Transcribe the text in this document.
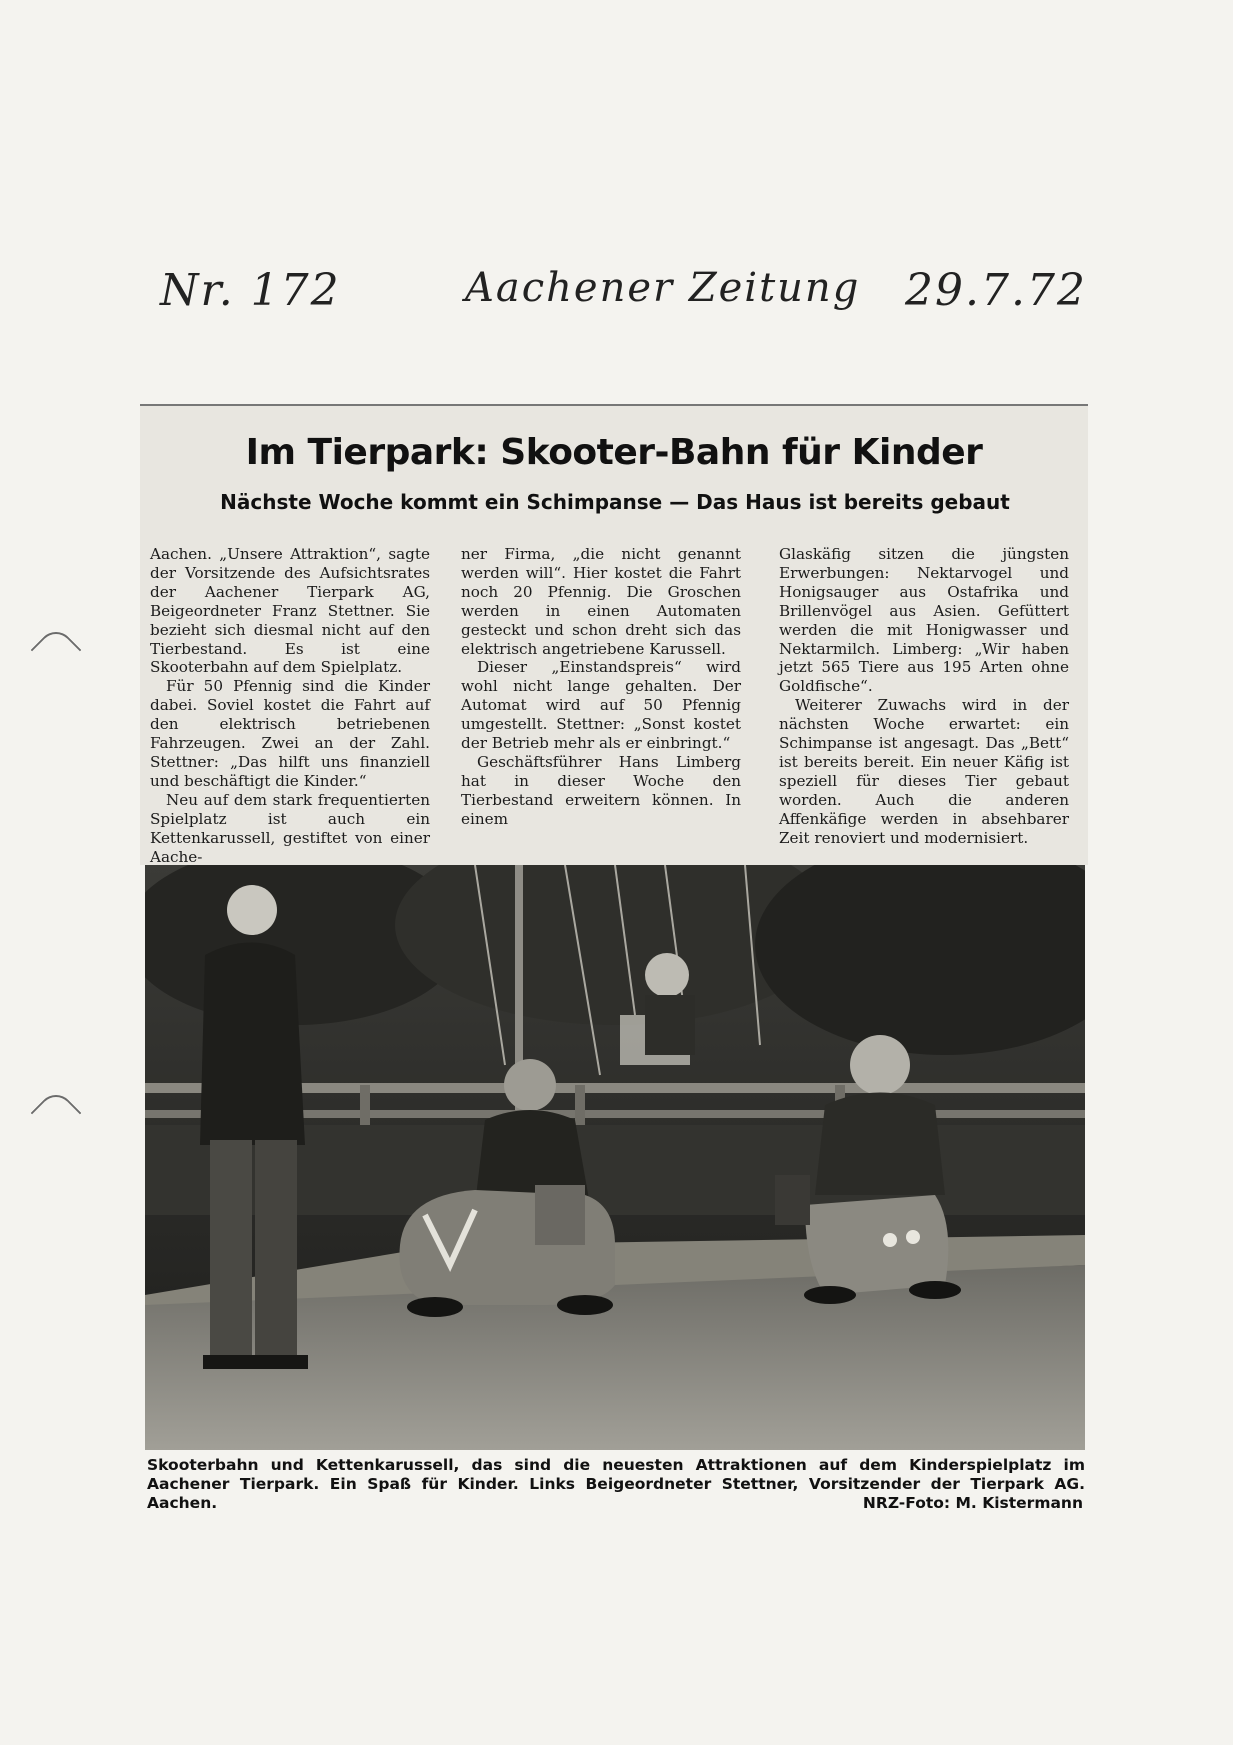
Nr. 172	Aachener Zeitung 29.7.72
Im Tierpark: Skooter-Bahn für Kinder
Nächste Woche kommt ein Schimpanse — Das Haus ist bereits gebaut

Aachen. „Unsere Attraktion“, sagte der Vorsitzende des Aufsichtsrates der Aachener Tierpark AG, Beigeordneter Franz Stettner. Sie bezieht sich diesmal nicht auf den Tierbestand. Es ist eine Skooterbahn auf dem Spielplatz.

Für 50 Pfennig sind die Kinder dabei. Soviel kostet die Fahrt auf den elektrisch betriebenen Fahrzeugen. Zwei an der Zahl. Stettner: „Das hilft uns finanziell und beschäftigt die Kinder.“

Neu auf dem stark frequentierten Spielplatz ist auch ein Kettenkarussell, gestiftet von einer Aache-

ner Firma, „die nicht genannt werden will“. Hier kostet die Fahrt noch 20 Pfennig. Die Groschen werden in einen Automaten gesteckt und schon dreht sich das elektrisch angetriebene Karussell.

Dieser „Einstandspreis“ wird wohl nicht lange gehalten. Der Automat wird auf 50 Pfennig umgestellt. Stettner: „Sonst kostet der Betrieb mehr als er einbringt.“

Geschäftsführer Hans Limberg hat in dieser Woche den Tierbestand erweitern können. In einem

Glaskäfig sitzen die jüngsten Erwerbungen: Nektarvogel und Honigsauger aus Ostafrika und Brillenvögel aus Asien. Gefüttert werden die mit Honigwasser und Nektarmilch. Limberg: „Wir haben jetzt 565 Tiere aus 195 Arten ohne Goldfische“.

Weiterer Zuwachs wird in der nächsten Woche erwartet: ein Schimpanse ist angesagt. Das „Bett“ ist bereits bereit. Ein neuer Käfig ist speziell für dieses Tier gebaut worden. Auch die anderen Affenkäfige werden in absehbarer Zeit renoviert und modernisiert.

Skooterbahn und Kettenkarussell, das sind die neuesten Attraktionen auf dem Kinderspielplatz im Aachener Tierpark. Ein Spaß für Kinder. Links Beigeordneter Stettner, Vorsitzender der Tierpark AG. Aachen.	NRZ-Foto: M. Kistermann
